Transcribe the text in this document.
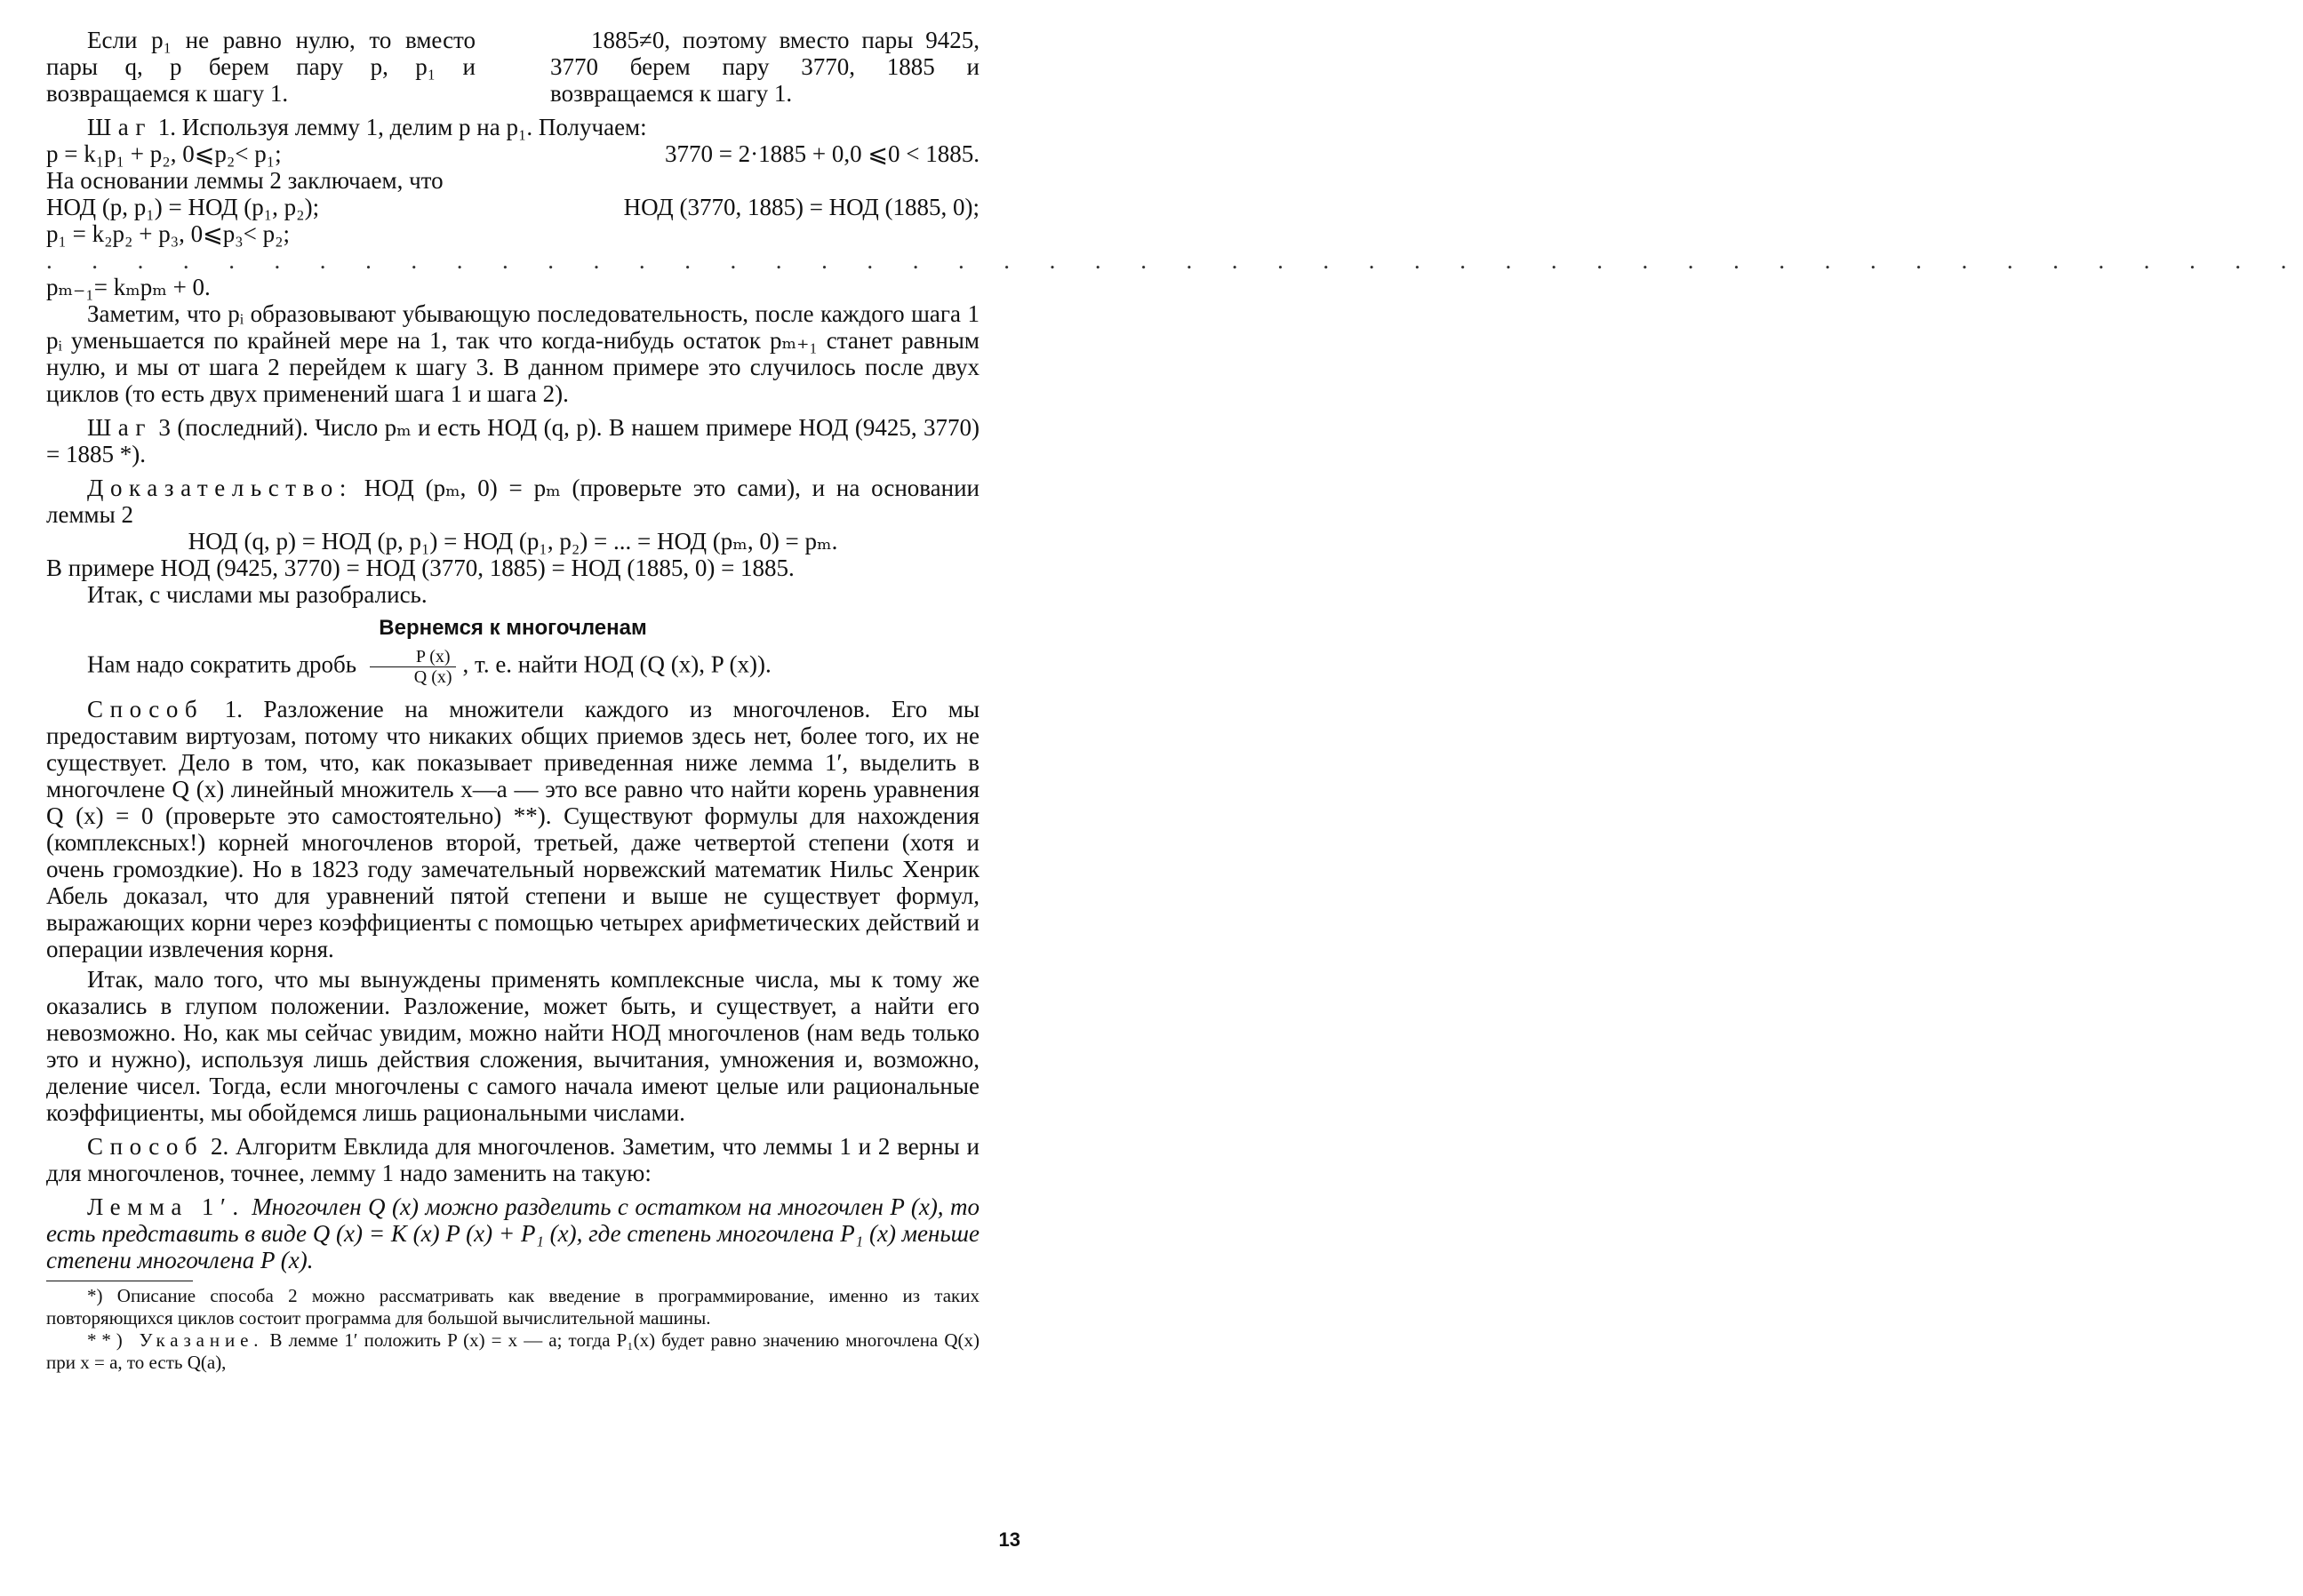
Если p₁ не равно нулю, то вместо пары q, p берем пару p, p₁ и возвращаемся к шагу 1.
1885≠0, поэтому вместо пары 9425, 3770 берем пару 3770, 1885 и возвращаемся к шагу 1.

Шаг 1. Используя лемму 1, делим p на p₁. Получаем:

p = k₁p₁ + p₂, 0⩽p₂< p₁;	3770 = 2·1885 + 0,0 ⩽0 < 1885.

На основании леммы 2 заключаем, что

НОД (p, p₁) = НОД (p₁, p₂);	НОД (3770, 1885) = НОД (1885, 0);

p₁ = k₂p₂ + p₃, 0⩽p₃< p₂;

. . . . . . . . . . . . . . . . . . . . . . . . . . . . . . . . . . . . . . . . . . . . . . . . . .

pₘ₋₁= kₘpₘ + 0.

Заметим, что pᵢ образовывают убывающую последовательность, после каждого шага 1 pᵢ уменьшается по крайней мере на 1, так что когда-нибудь остаток pₘ₊₁ станет равным нулю, и мы от шага 2 перейдем к шагу 3. В данном примере это случилось после двух циклов (то есть двух применений шага 1 и шага 2).

Шаг 3 (последний). Число pₘ и есть НОД (q, p). В нашем примере НОД (9425, 3770) = 1885 *).

Доказательство: НОД (pₘ, 0) = pₘ (проверьте это сами), и на основании леммы 2

НОД (q, p) = НОД (p, p₁) = НОД (p₁, p₂) = ... = НОД (pₘ, 0) = pₘ.

В примере НОД (9425, 3770) = НОД (3770, 1885) = НОД (1885, 0) = 1885.

Итак, с числами мы разобрались.

Вернемся к многочленам

Нам надо сократить дробь $\frac{P (x)}{Q (x)}$ , т. е. найти НОД (Q (x), P (x)).

Способ 1. Разложение на множители каждого из многочленов. Его мы предоставим виртуозам, потому что никаких общих приемов здесь нет, более того, их не существует. Дело в том, что, как показывает приведенная ниже лемма 1′, выделить в многочлене Q (x) линейный множитель x—a — это все равно что найти корень уравнения Q (x) = 0 (проверьте это самостоятельно) **). Существуют формулы для нахождения (комплексных!) корней многочленов второй, третьей, даже четвертой степени (хотя и очень громоздкие). Но в 1823 году замечательный норвежский математик Нильс Хенрик Абель доказал, что для уравнений пятой степени и выше не существует формул, выражающих корни через коэффициенты с помощью четырех арифметических действий и операции извлечения корня.

Итак, мало того, что мы вынуждены применять комплексные числа, мы к тому же оказались в глупом положении. Разложение, может быть, и существует, а найти его невозможно. Но, как мы сейчас увидим, можно найти НОД многочленов (нам ведь только это и нужно), используя лишь действия сложения, вычитания, умножения и, возможно, деление чисел. Тогда, если многочлены с самого начала имеют целые или рациональные коэффициенты, мы обойдемся лишь рациональными числами.

Способ 2. Алгоритм Евклида для многочленов. Заметим, что леммы 1 и 2 верны и для многочленов, точнее, лемму 1 надо заменить на такую:

Лемма 1′. Многочлен Q (x) можно разделить с остатком на многочлен P (x), то есть представить в виде Q (x) = K (x) P (x) + P₁ (x), где степень многочлена P₁ (x) меньше степени многочлена P (x).

*) Описание способа 2 можно рассматривать как введение в программирование, именно из таких повторяющихся циклов состоит программа для большой вычислительной машины.

**) Указание. В лемме 1′ положить P (x) = x — a; тогда P₁(x) будет равно значению многочлена Q(x) при x = a, то есть Q(a),

13
